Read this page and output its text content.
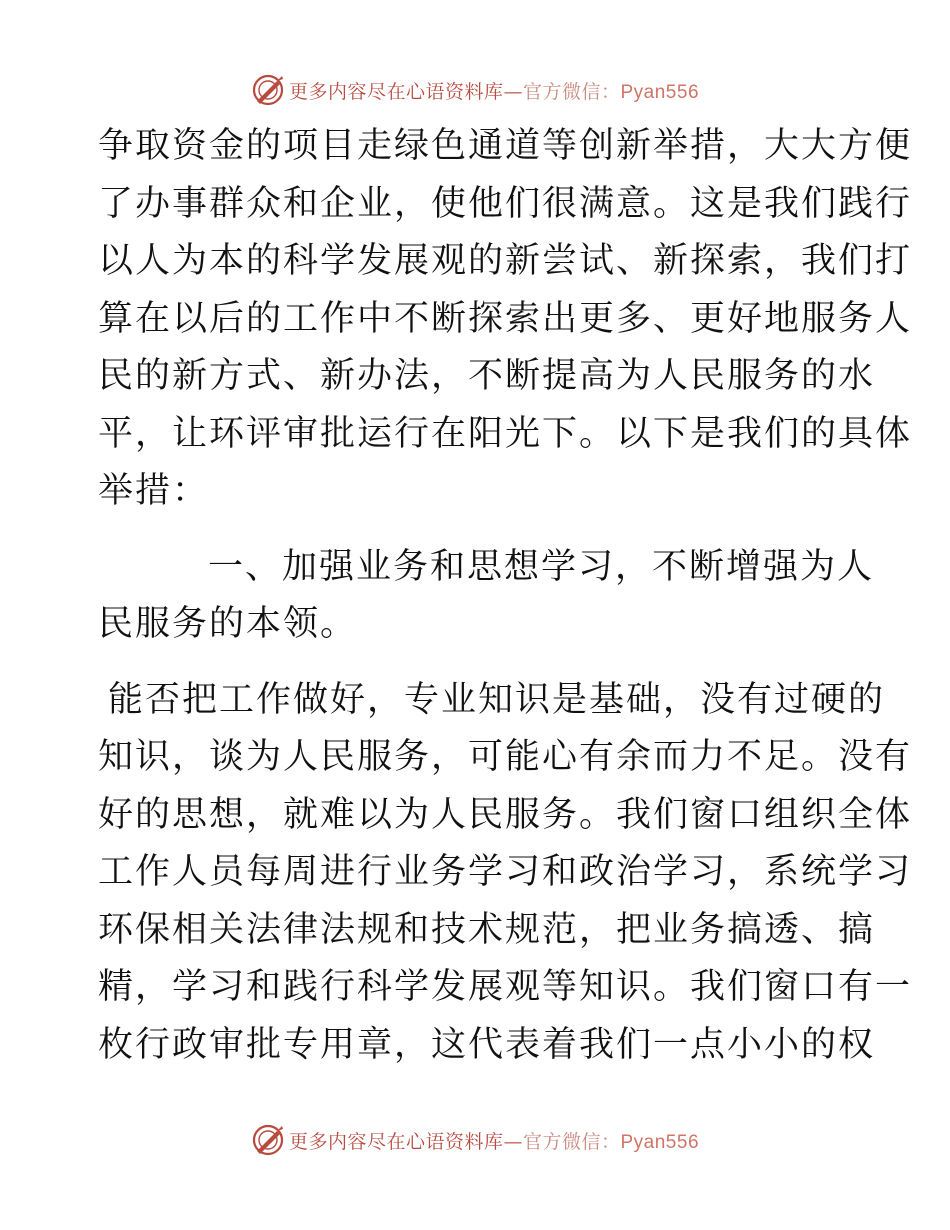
更多内容尽在心语资料库—官方微信：Pyan556
争取资金的项目走绿色通道等创新举措，大大方便
了办事群众和企业，使他们很满意。这是我们践行
以人为本的科学发展观的新尝试、新探索，我们打
算在以后的工作中不断探索出更多、更好地服务人
民的新方式、新办法，不断提高为人民服务的水
平，让环评审批运行在阳光下。以下是我们的具体
举措：
一、加强业务和思想学习，不断增强为人
民服务的本领。
能否把工作做好，专业知识是基础，没有过硬的
知识，谈为人民服务，可能心有余而力不足。没有
好的思想，就难以为人民服务。我们窗口组织全体
工作人员每周进行业务学习和政治学习，系统学习
环保相关法律法规和技术规范，把业务搞透、搞
精，学习和践行科学发展观等知识。我们窗口有一
枚行政审批专用章，这代表着我们一点小小的权
更多内容尽在心语资料库—官方微信：Pyan556
